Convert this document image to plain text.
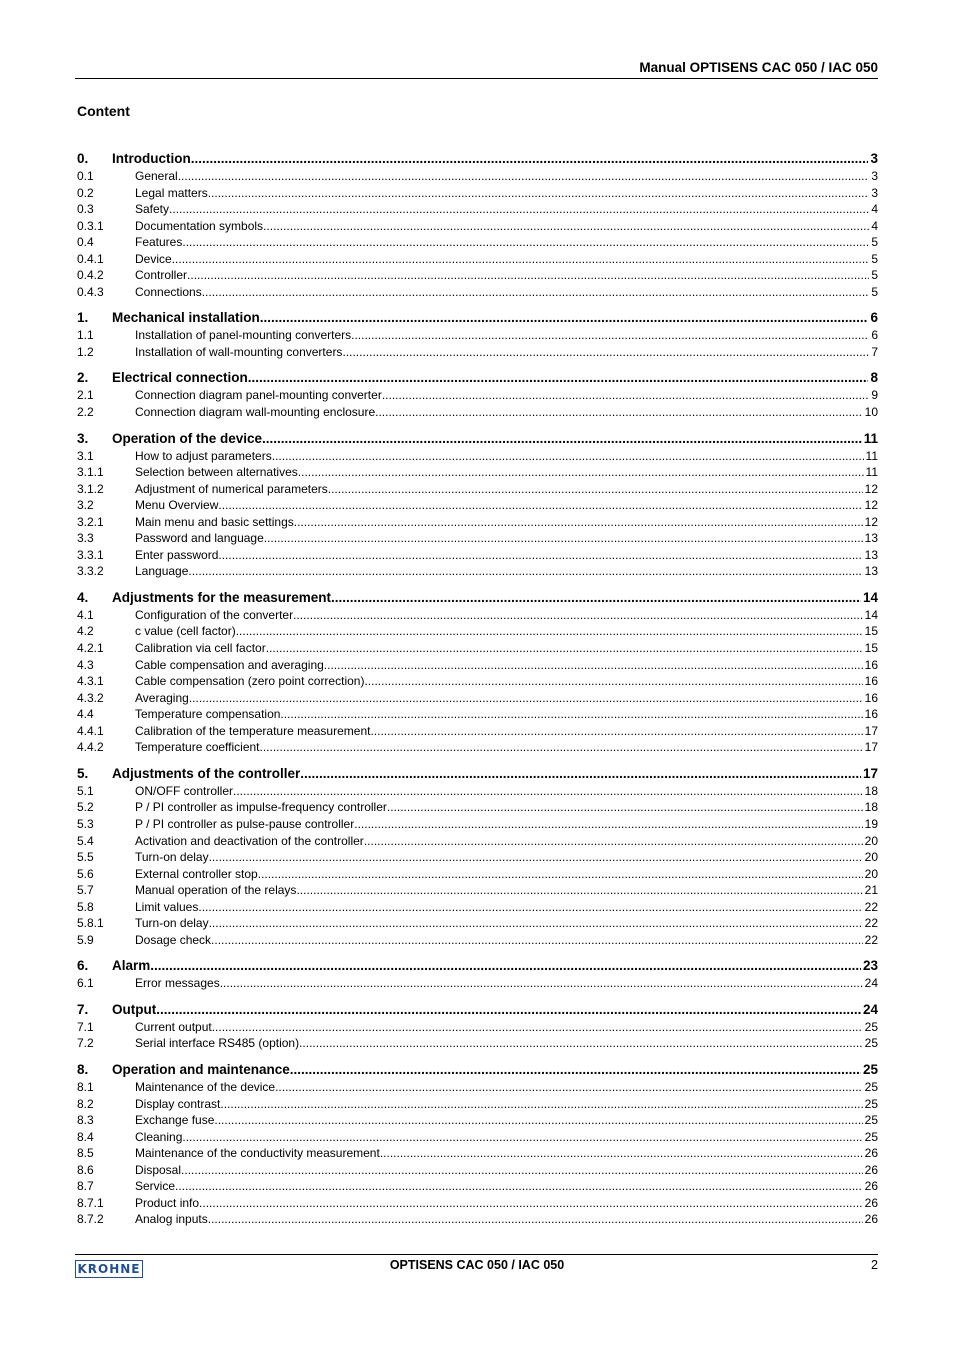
Manual OPTISENS CAC 050 / IAC 050
Content
0.	Introduction .....	3
0.1	General .....	3
0.2	Legal matters .....	3
0.3	Safety .....	4
0.3.1	Documentation symbols .....	4
0.4	Features .....	5
0.4.1	Device .....	5
0.4.2	Controller .....	5
0.4.3	Connections .....	5
1.	Mechanical installation .....	6
1.1	Installation of panel-mounting converters .....	6
1.2	Installation of wall-mounting converters .....	7
2.	Electrical connection .....	8
2.1	Connection diagram panel-mounting converter .....	9
2.2	Connection diagram wall-mounting enclosure .....	10
3.	Operation of the device .....	11
3.1	How to adjust parameters .....	11
3.1.1	Selection between alternatives .....	11
3.1.2	Adjustment of numerical parameters .....	12
3.2	Menu Overview .....	12
3.2.1	Main menu and basic settings .....	12
3.3	Password and language .....	13
3.3.1	Enter password .....	13
3.3.2	Language .....	13
4.	Adjustments for the measurement .....	14
4.1	Configuration of the converter .....	14
4.2	c value (cell factor) .....	15
4.2.1	Calibration via cell factor .....	15
4.3	Cable compensation and averaging .....	16
4.3.1	Cable compensation (zero point correction) .....	16
4.3.2	Averaging .....	16
4.4	Temperature compensation .....	16
4.4.1	Calibration of the temperature measurement .....	17
4.4.2	Temperature coefficient .....	17
5.	Adjustments of the controller .....	17
5.1	ON/OFF controller .....	18
5.2	P / PI controller as impulse-frequency controller .....	18
5.3	P / PI controller as pulse-pause controller .....	19
5.4	Activation and deactivation of the controller .....	20
5.5	Turn-on delay .....	20
5.6	External controller stop .....	20
5.7	Manual operation of the relays .....	21
5.8	Limit values .....	22
5.8.1	Turn-on delay .....	22
5.9	Dosage check .....	22
6.	Alarm .....	23
6.1	Error messages .....	24
7.	Output .....	24
7.1	Current output .....	25
7.2	Serial interface RS485 (option) .....	25
8.	Operation and maintenance .....	25
8.1	Maintenance of the device .....	25
8.2	Display contrast .....	25
8.3	Exchange fuse .....	25
8.4	Cleaning .....	25
8.5	Maintenance of the conductivity measurement .....	26
8.6	Disposal .....	26
8.7	Service .....	26
8.7.1	Product info .....	26
8.7.2	Analog inputs .....	26
KROHNE	OPTISENS CAC 050 / IAC 050	2
